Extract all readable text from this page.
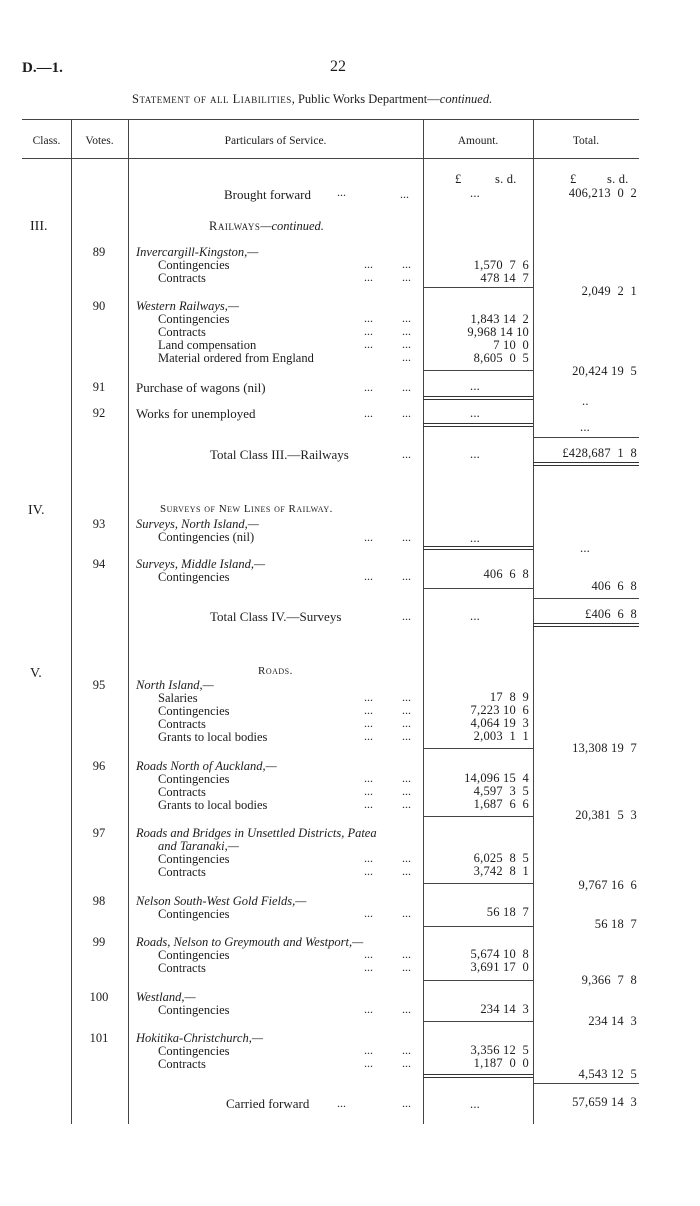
D.—1.	22
Statement of all Liabilities, Public Works Department—continued.
Class.	Votes.	Particulars of Service.	Amount.	Total.
£	s. d.	£ s. d.
Brought forward ...	...	...	406,213  0  2
III.	Railways—continued.
89	Invercargill-Kingston,—
Contingencies	... ...	1,570  7  6
Contracts	... ...	478 14  7
2,049  2  1
90	Western Railways,—
Contingencies	... ...	1,843 14  2
Contracts	... ...	9,968 14 10
Land compensation	... ...	7 10  0
Material ordered from England	...	8,605  0  5
20,424 19  5
91	Purchase of wagons (nil)	... ...	...
..
92	Works for unemployed	... ...	...
...
Total Class III.—Railways	...	...	£428,687  1  8
IV.	Surveys of New Lines of Railway.
93	Surveys, North Island,—
Contingencies (nil)	... ...	...
...
94	Surveys, Middle Island,—
Contingencies	... ...	406  6  8
406  6  8
Total Class IV.—Surveys	...	...	£406  6  8
V.	Roads.
95	North Island,—
Salaries	... ...	17  8  9
Contingencies	... ...	7,223 10  6
Contracts	... ...	4,064 19  3
Grants to local bodies	... ...	2,003  1  1
13,308 19  7
96	Roads North of Auckland,—
Contingencies	... ...	14,096 15  4
Contracts	... ...	4,597  3  5
Grants to local bodies	... ...	1,687  6  6
20,381  5  3
97	Roads and Bridges in Unsettled Districts, Patea
and Taranaki,—
Contingencies	... ...	6,025  8  5
Contracts	... ...	3,742  8  1
9,767 16  6
98	Nelson South-West Gold Fields,—
Contingencies	... ...	56 18  7
56 18  7
99	Roads, Nelson to Greymouth and Westport,—
Contingencies	... ...	5,674 10  8
Contracts	... ...	3,691 17  0
9,366  7  8
100	Westland,—
Contingencies	... ...	234 14  3
234 14  3
101	Hokitika-Christchurch,—
Contingencies	... ...	3,356 12  5
Contracts	... ...	1,187  0  0
4,543 12  5
Carried forward ...	...	...	57,659 14  3
